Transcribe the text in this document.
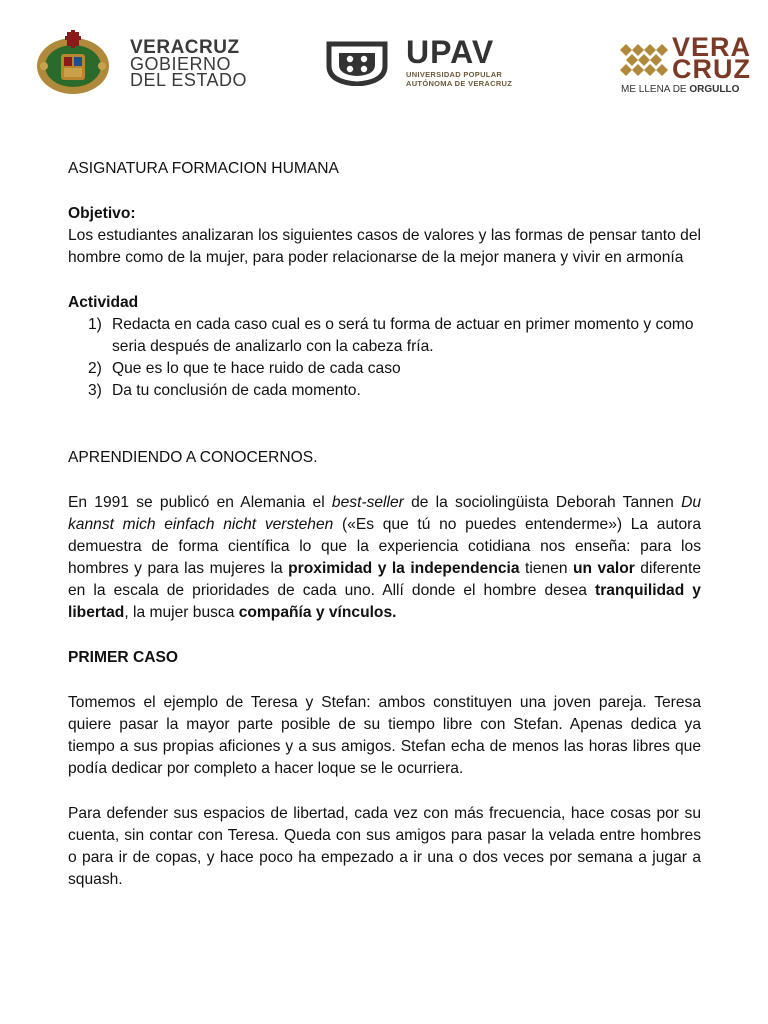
VERACRUZ
GOBIERNO
DEL ESTADO
UPAV
UNIVERSIDAD POPULAR
AUTÓNOMA DE VERACRUZ
VERA
CRUZ
ME LLENA DE ORGULLO

ASIGNATURA FORMACION HUMANA

Objetivo:

Los estudiantes analizaran los siguientes casos de valores y las formas de pensar tanto del hombre como de la mujer, para poder relacionarse de la mejor manera y vivir en armonía

Actividad

1) Redacta en cada caso cual es o será tu forma de actuar en primer momento y como seria después de analizarlo con la cabeza fría.
2) Que es lo que te hace ruido de cada caso
3) Da tu conclusión de cada momento.

APRENDIENDO A CONOCERNOS.

En 1991 se publicó en Alemania el best-seller de la sociolingüista Deborah Tannen Du kannst mich einfach nicht verstehen («Es que tú no puedes entenderme») La autora demuestra de forma científica lo que la experiencia cotidiana nos enseña: para los hombres y para las mujeres la proximidad y la independencia tienen un valor diferente en la escala de prioridades de cada uno. Allí donde el hombre desea tranquilidad y libertad, la mujer busca compañía y vínculos.

PRIMER CASO

Tomemos el ejemplo de Teresa y Stefan: ambos constituyen una joven pareja. Teresa quiere pasar la mayor parte posible de su tiempo libre con Stefan. Apenas dedica ya tiempo a sus propias aficiones y a sus amigos. Stefan echa de menos las horas libres que podía dedicar por completo a hacer loque se le ocurriera.

Para defender sus espacios de libertad, cada vez con más frecuencia, hace cosas por su cuenta, sin contar con Teresa. Queda con sus amigos para pasar la velada entre hombres o para ir de copas, y hace poco ha empezado a ir una o dos veces por semana a jugar a squash.
